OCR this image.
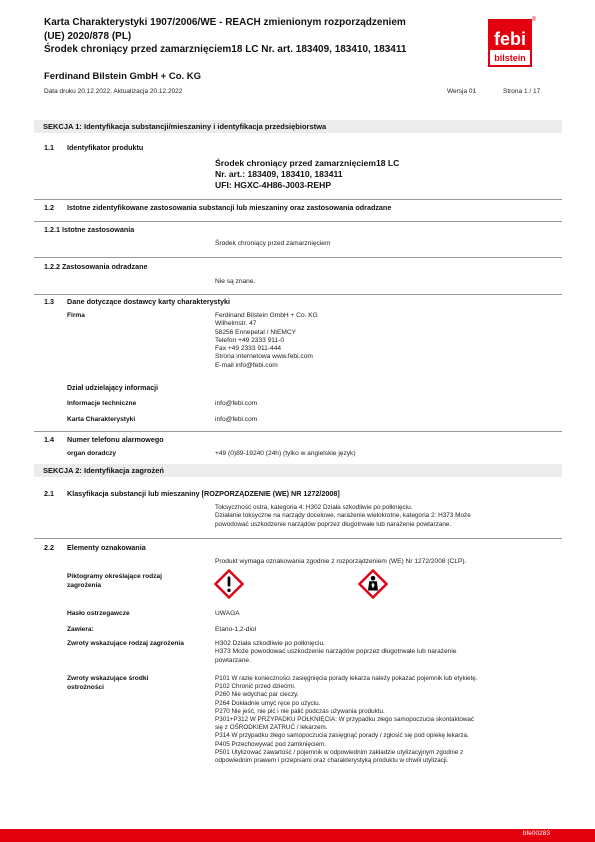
Karta Charakterystyki 1907/2006/WE - REACH zmienionym rozporządzeniem
(UE) 2020/878 (PL)
Środek chroniący przed zamarznięciem18 LC Nr. art. 183409, 183410, 183411
febi
bilstein
®
Ferdinand Bilstein GmbH + Co. KG
Data druku 20.12.2022, Aktualizacja 20.12.2022	Wersja 01	Strona 1 / 17
SEKCJA 1: Identyfikacja substancji/mieszaniny i identyfikacja przedsiębiorstwa
1.1 Identyfikator produktu
Środek chroniący przed zamarznięciem18 LC
Nr. art.: 183409, 183410, 183411
UFI: HGXC-4H86-J003-REHP
1.2 Istotne zidentyfikowane zastosowania substancji lub mieszaniny oraz zastosowania odradzane
1.2.1 Istotne zastosowania
Środek chroniący przed zamarznięciem
1.2.2 Zastosowania odradzane
Nie są znane.
1.3 Dane dotyczące dostawcy karty charakterystyki
Firma	Ferdinand Bilstein GmbH + Co. KG
Wilhelmstr. 47
58256 Ennepetal / NIEMCY
Telefon +49 2333 911-0
Fax +49 2333 911-444
Strona internetowa www.febi.com
E-mail info@febi.com
Dział udzielający informacji
Informacje techniczne	info@febi.com
Karta Charakterystyki	info@febi.com
1.4 Numer telefonu alarmowego
organ doradczy	+49 (0)89-19240 (24h) (tylko w angielskie język)
SEKCJA 2: Identyfikacja zagrożeń
2.1 Klasyfikacja substancji lub mieszaniny [ROZPORZĄDZENIE (WE) NR 1272/2008]
Toksyczność ostra, kategoria 4: H302 Działa szkodliwie po połknięciu.
Działanie toksyczne na narządy docelowe, narażenie wielokrotne, kategoria 2: H373 Może
powodować uszkodzenie narządów poprzez długotrwałe lub narażenie powtarzane.
2.2 Elementy oznakowania
Produkt wymaga oznakowania zgodnie z rozporządzeniem (WE) Nr 1272/2008 (CLP).
Piktogramy określające rodzaj
zagrożenia
Hasło ostrzegawcze	UWAGA
Zawiera:	Etano-1,2-diol
Zwroty wskazujące rodzaj zagrożenia	H302 Działa szkodliwie po połknięciu.
H373 Może powodować uszkodzenie narządów poprzez długotrwałe lub narażenie
powtarzane.
Zwroty wskazujące środki
ostrożności
P101 W razie konieczności zasięgnięcia porady lekarza należy pokazać pojemnik lub etykietę.
P102 Chronić przed dziećmi.
P260 Nie wdychać par cieczy.
P264 Dokładnie umyć ręce po użyciu.
P270 Nie jeść, nie pić i nie palić podczas używania produktu.
P301+P312 W PRZYPADKU POŁKNIĘCIA: W przypadku złego samopoczucia skontaktować
się z OŚRODKIEM ZATRUĆ / lekarzem.
P314 W przypadku złego samopoczucia zasięgnąć porady / zgłosić się pod opiekę lekarza.
P405 Przechowywać pod zamknięciem.
P501 Utylizować zawartość / pojemnik w odpowiednim zakładzie utylizacyjnym zgodnie z
odpowiednim prawem i przepisami oraz charakterystyką produktu w chwili utylizacji.
bfe00283
